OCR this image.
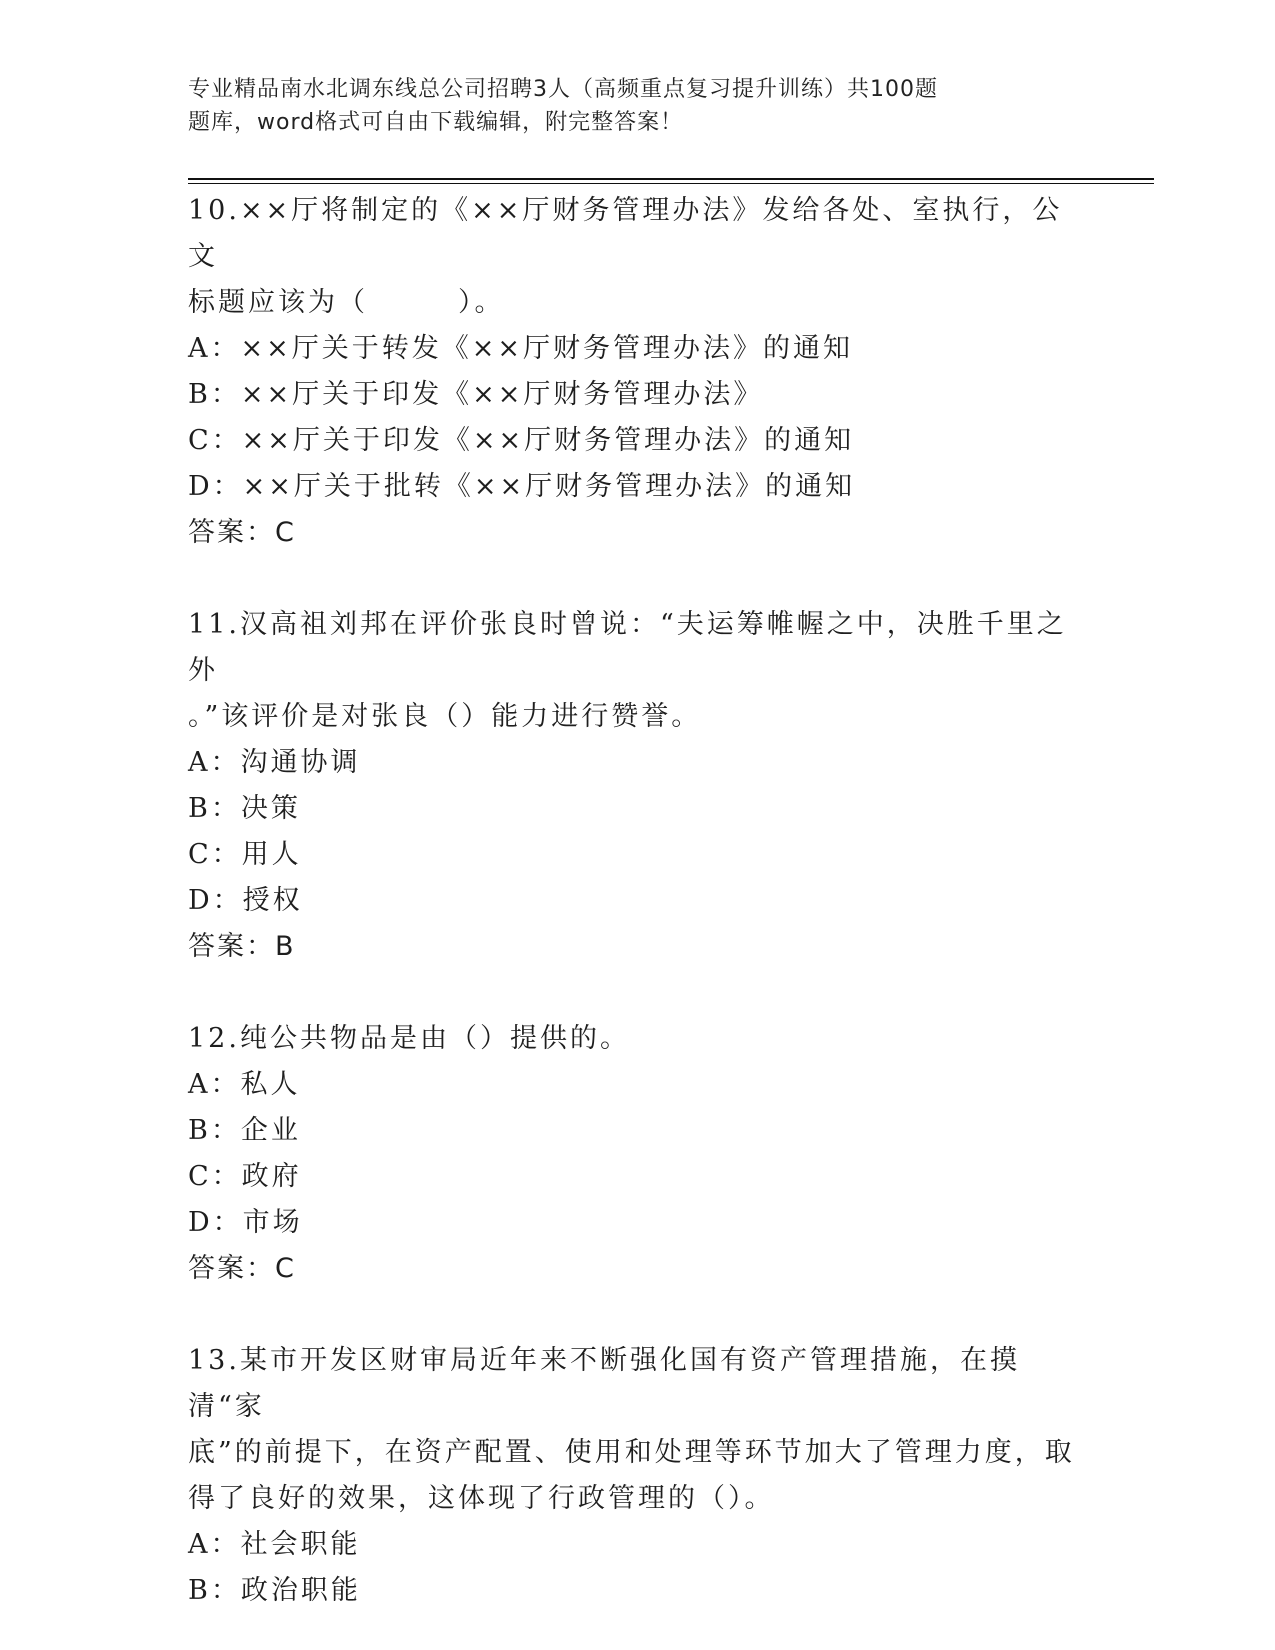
专业精品南水北调东线总公司招聘3人（高频重点复习提升训练）共100题
题库，word格式可自由下载编辑，附完整答案！

10.××厅将制定的《××厅财务管理办法》发给各处、室执行，公文

标题应该为（　　　）。

A：××厅关于转发《××厅财务管理办法》的通知

B：××厅关于印发《××厅财务管理办法》

C：××厅关于印发《××厅财务管理办法》的通知

D：××厅关于批转《××厅财务管理办法》的通知

答案：C

11.汉高祖刘邦在评价张良时曾说：“夫运筹帷幄之中，决胜千里之外

。”该评价是对张良（）能力进行赞誉。

A：沟通协调

B：决策

C：用人

D：授权

答案：B

12.纯公共物品是由（）提供的。

A：私人

B：企业

C：政府

D：市场

答案：C

13.某市开发区财审局近年来不断强化国有资产管理措施，在摸清“家

底”的前提下，在资产配置、使用和处理等环节加大了管理力度，取

得了良好的效果，这体现了行政管理的（）。

A：社会职能

B：政治职能
